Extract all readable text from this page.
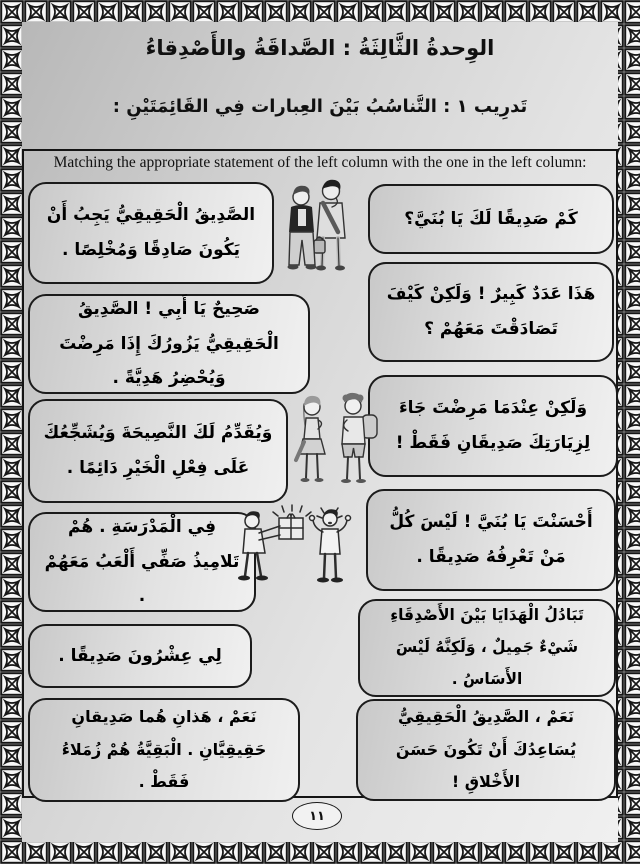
الوِحدةُ الثَّالِثَةُ : الصَّداقَةُ والأَصْدِقاءُ
تَدرِيب ١ : التَّناسُبُ بَيْنَ العِبارات فِي القَائِمَتَيْنِ :
Matching the appropriate statement of the left column with the one in the left column:
الصَّدِيقُ الْحَقِيقِيُّ يَجِبُ أَنْ يَكُونَ صَادِقًا وَمُخْلِصًا .
صَحِيحٌ يَا أَبِي ! الصَّدِيقُ الْحَقِيقِيُّ يَزُورُكَ إِذَا مَرِضْتَ وَيُحْضِرُ هَدِيَّةً .
وَيُقَدِّمُ لَكَ النَّصِيحَةَ وَيُشَجِّعُكَ عَلَى فِعْلِ الْخَيْرِ دَائِمًا .
فِي الْمَدْرَسَةِ . هُمْ تَلامِيذُ صَفِّي أَلْعَبُ مَعَهُمْ .
لِي عِشْرُونَ صَدِيقًا .
نَعَمْ ، هَذانِ هُما صَدِيقانِ حَقِيقِيَّانِ . الْبَقِيَّةُ هُمْ زُمَلاءُ فَقَطْ .
كَمْ صَدِيقًا لَكَ يَا بُنَيَّ؟
هَذَا عَدَدٌ كَبِيرٌ ! وَلَكِنْ كَيْفَ تَصَادَقْتَ مَعَهُمْ ؟
وَلَكِنْ عِنْدَمَا مَرِضْتَ جَاءَ لِزِيَارَتِكَ صَدِيقَانِ فَقَطْ !
أَحْسَنْتَ يَا بُنَيَّ ! لَيْسَ كُلُّ مَنْ تَعْرِفُهُ صَدِيقًا .
تَبَادُلُ الْهَدَايَا بَيْنَ الأَصْدِقَاءِ شَيْءٌ جَمِيلٌ ، وَلَكِنَّهُ لَيْسَ الأَسَاسُ .
نَعَمْ ، الصَّدِيقُ الْحَقِيقِيُّ يُسَاعِدُكَ أَنْ تَكُونَ حَسَنَ الأَخْلاقِ !
١١
